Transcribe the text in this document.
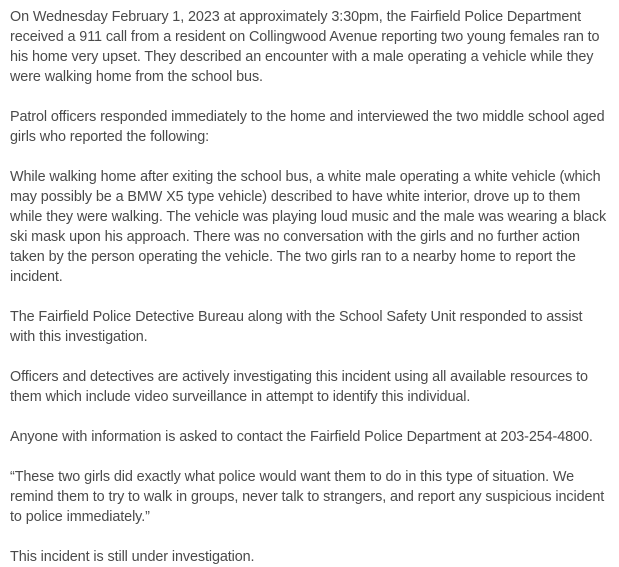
On Wednesday February 1, 2023 at approximately 3:30pm, the Fairfield Police Department received a 911 call from a resident on Collingwood Avenue reporting two young females ran to his home very upset. They described an encounter with a male operating a vehicle while they were walking home from the school bus.

Patrol officers responded immediately to the home and interviewed the two middle school aged girls who reported the following:

While walking home after exiting the school bus, a white male operating a white vehicle (which may possibly be a BMW X5 type vehicle) described to have white interior, drove up to them while they were walking. The vehicle was playing loud music and the male was wearing a black ski mask upon his approach. There was no conversation with the girls and no further action taken by the person operating the vehicle. The two girls ran to a nearby home to report the incident.

The Fairfield Police Detective Bureau along with the School Safety Unit responded to assist with this investigation.

Officers and detectives are actively investigating this incident using all available resources to them which include video surveillance in attempt to identify this individual.

Anyone with information is asked to contact the Fairfield Police Department at 203-254-4800.

“These two girls did exactly what police would want them to do in this type of situation. We remind them to try to walk in groups, never talk to strangers, and report any suspicious incident to police immediately.”

This incident is still under investigation.
